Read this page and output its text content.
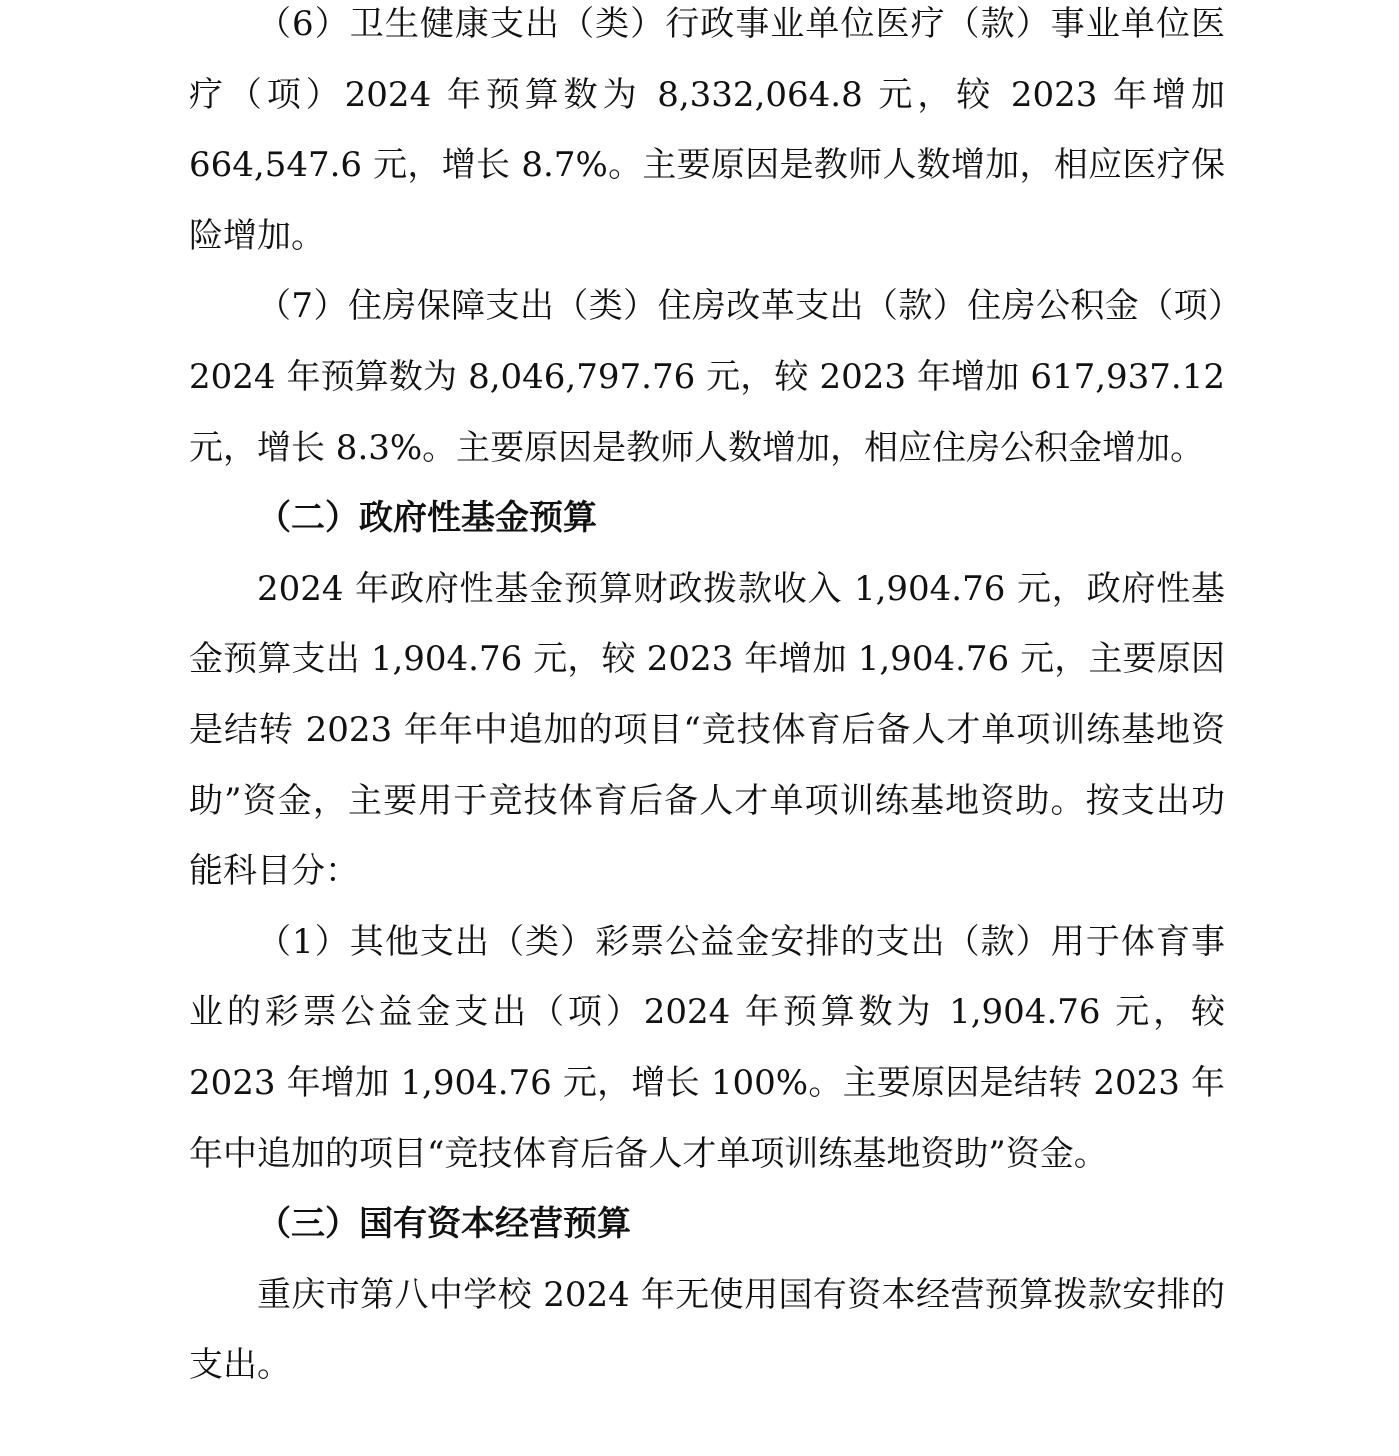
（6）卫生健康支出（类）行政事业单位医疗（款）事业单位医疗（项）2024 年预算数为 8,332,064.8 元，较 2023 年增加 664,547.6 元，增长 8.7%。主要原因是教师人数增加，相应医疗保险增加。

（7）住房保障支出（类）住房改革支出（款）住房公积金（项）2024 年预算数为 8,046,797.76 元，较 2023 年增加 617,937.12 元，增长 8.3%。主要原因是教师人数增加，相应住房公积金增加。

（二）政府性基金预算

2024 年政府性基金预算财政拨款收入 1,904.76 元，政府性基金预算支出 1,904.76 元，较 2023 年增加 1,904.76 元，主要原因是结转 2023 年年中追加的项目“竞技体育后备人才单项训练基地资助”资金，主要用于竞技体育后备人才单项训练基地资助。按支出功能科目分：

（1）其他支出（类）彩票公益金安排的支出（款）用于体育事业的彩票公益金支出（项）2024 年预算数为 1,904.76 元，较 2023 年增加 1,904.76 元，增长 100%。主要原因是结转 2023 年年中追加的项目“竞技体育后备人才单项训练基地资助”资金。

（三）国有资本经营预算

重庆市第八中学校 2024 年无使用国有资本经营预算拨款安排的支出。
